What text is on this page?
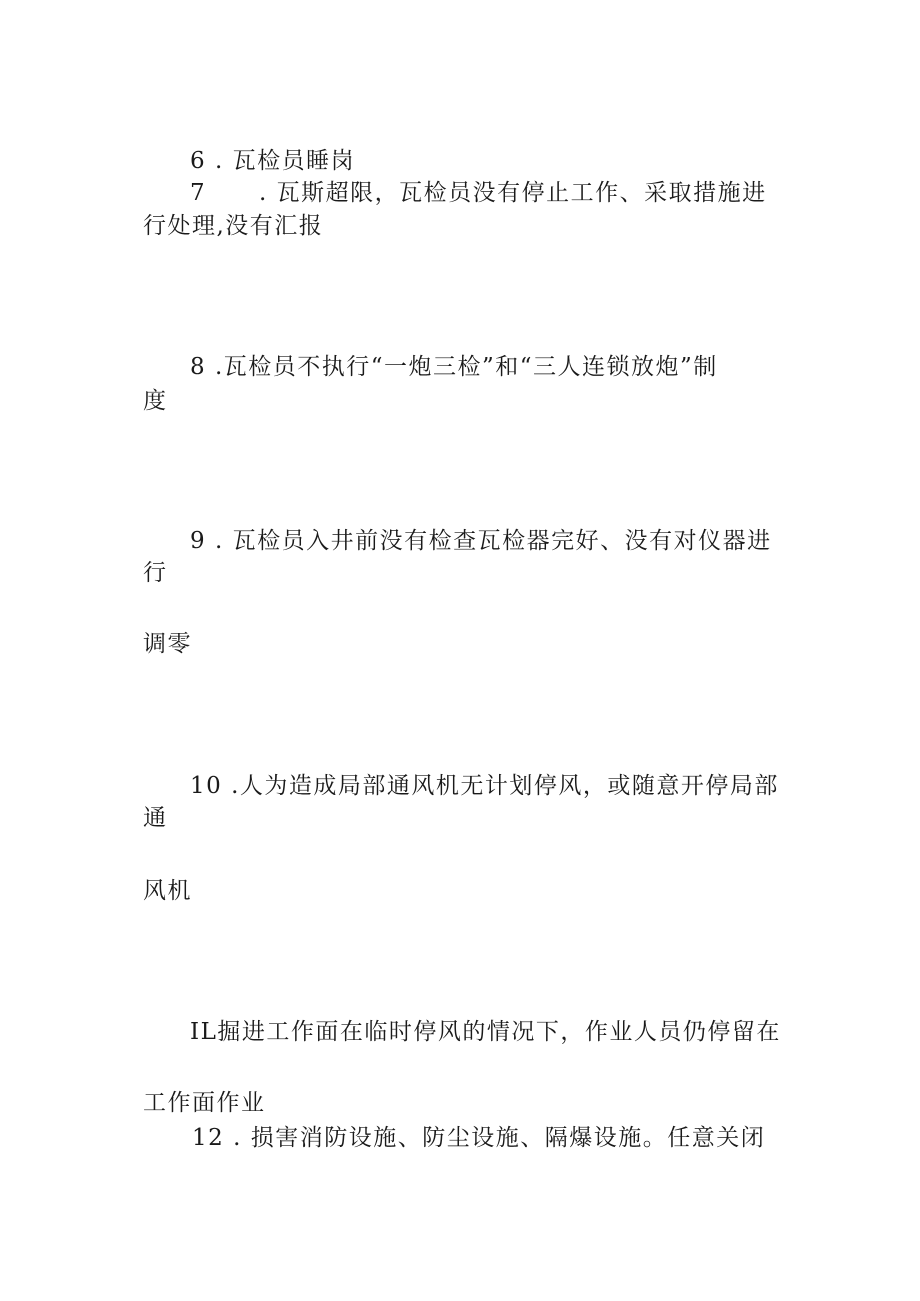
6 . 瓦检员睡岗
7      . 瓦斯超限，瓦检员没有停止工作、采取措施进
行处理,没有汇报
8 .瓦检员不执行“一炮三检”和“三人连锁放炮”制
度
9 . 瓦检员入井前没有检查瓦检器完好、没有对仪器进
行
调零
10 .人为造成局部通风机无计划停风，或随意开停局部
通
风机
IL掘进工作面在临时停风的情况下，作业人员仍停留在
工作面作业
12 . 损害消防设施、防尘设施、隔爆设施。任意关闭
